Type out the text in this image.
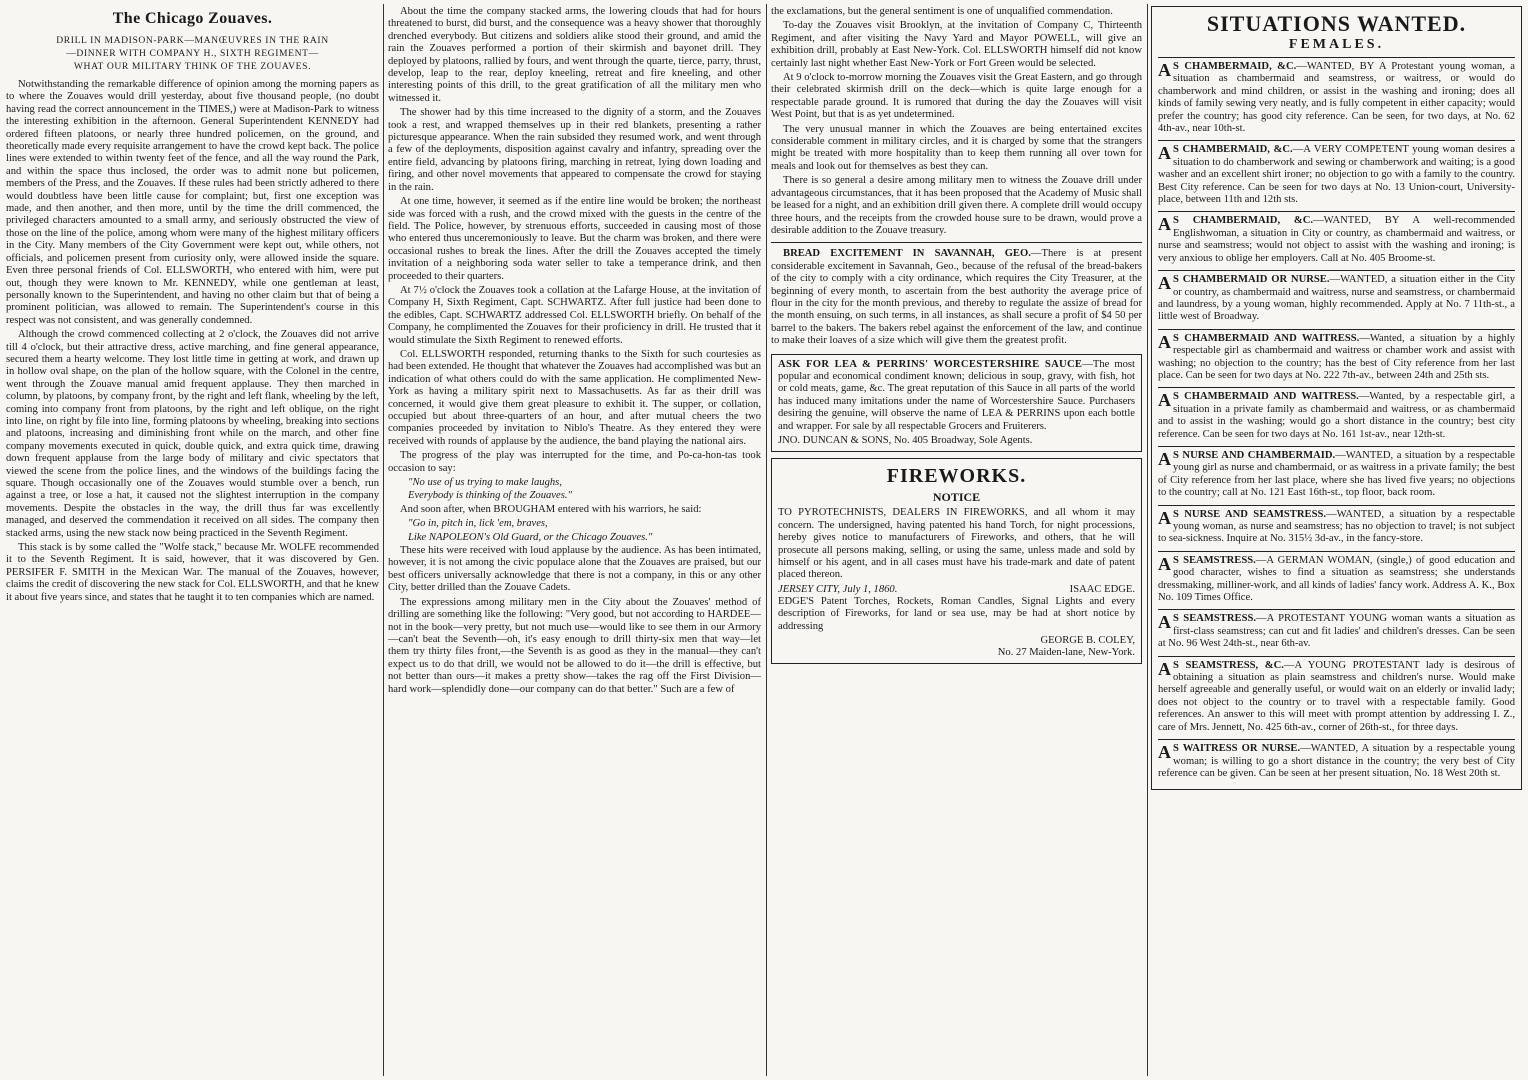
The Chicago Zouaves.
DRILL IN MADISON-PARK—MANŒUVRES IN THE RAIN
—DINNER WITH COMPANY H., SIXTH REGIMENT—
WHAT OUR MILITARY THINK OF THE ZOUAVES.

Notwithstanding the remarkable difference of opinion among the morning papers as to where the Zouaves would drill yesterday, about five thousand people, (no doubt having read the correct announcement in the TIMES,) were at Madison-Park to witness the interesting exhibition in the afternoon. General Superintendent KENNEDY had ordered fifteen platoons, or nearly three hundred policemen, on the ground, and theoretically made every requisite arrangement to have the crowd kept back. The police lines were extended to within twenty feet of the fence, and all the way round the Park, and within the space thus inclosed, the order was to admit none but policemen, members of the Press, and the Zouaves. If these rules had been strictly adhered to there would doubtless have been little cause for complaint; but, first one exception was made, and then another, and then more, until by the time the drill commenced, the privileged characters amounted to a small army, and seriously obstructed the view of those on the line of the police, among whom were many of the highest military officers in the City. Many members of the City Government were kept out, while others, not officials, and policemen present from curiosity only, were allowed inside the square. Even three personal friends of Col. ELLSWORTH, who entered with him, were put out, though they were known to Mr. KENNEDY, while one gentleman at least, personally known to the Superintendent, and having no other claim but that of being a prominent politician, was allowed to remain. The Superintendent's course in this respect was not consistent, and was generally condemned.

Although the crowd commenced collecting at 2 o'clock, the Zouaves did not arrive till 4 o'clock, but their attractive dress, active marching, and fine general appearance, secured them a hearty welcome. They lost little time in getting at work, and drawn up in hollow oval shape, on the plan of the hollow square, with the Colonel in the centre, went through the Zouave manual amid frequent applause. They then marched in column, by platoons, by company front, by the right and left flank, wheeling by the left, coming into company front from platoons, by the right and left oblique, on the right into line, on right by file into line, forming platoons by wheeling, breaking into sections and platoons, increasing and diminishing front while on the march, and other fine company movements executed in quick, double quick, and extra quick time, drawing down frequent applause from the large body of military and civic spectators that viewed the scene from the police lines, and the windows of the buildings facing the square. Though occasionally one of the Zouaves would stumble over a bench, run against a tree, or lose a hat, it caused not the slightest interruption in the company movements. Despite the obstacles in the way, the drill thus far was excellently managed, and deserved the commendation it received on all sides. The company then stacked arms, using the new stack now being practiced in the Seventh Regiment.

This stack is by some called the "Wolfe stack," because Mr. WOLFE recommended it to the Seventh Regiment. It is said, however, that it was discovered by Gen. PERSIFER F. SMITH in the Mexican War. The manual of the Zouaves, however, claims the credit of discovering the new stack for Col. ELLSWORTH, and that he knew it about five years since, and states that he taught it to ten companies which are named.

About the time the company stacked arms, the lowering clouds that had for hours threatened to burst, did burst, and the consequence was a heavy shower that thoroughly drenched everybody. But citizens and soldiers alike stood their ground, and amid the rain the Zouaves performed a portion of their skirmish and bayonet drill. They deployed by platoons, rallied by fours, and went through the quarte, tierce, parry, thrust, develop, leap to the rear, deploy kneeling, retreat and fire kneeling, and other interesting points of this drill, to the great gratification of all the military men who witnessed it.

The shower had by this time increased to the dignity of a storm, and the Zouaves took a rest, and wrapped themselves up in their red blankets, presenting a rather picturesque appearance. When the rain subsided they resumed work, and went through a few of the deployments, disposition against cavalry and infantry, spreading over the entire field, advancing by platoons firing, marching in retreat, lying down loading and firing, and other novel movements that appeared to compensate the crowd for staying in the rain.

At one time, however, it seemed as if the entire line would be broken; the northeast side was forced with a rush, and the crowd mixed with the guests in the centre of the field. The Police, however, by strenuous efforts, succeeded in causing most of those who entered thus unceremoniously to leave. But the charm was broken, and there were occasional rushes to break the lines. After the drill the Zouaves accepted the timely invitation of a neighboring soda water seller to take a temperance drink, and then proceeded to their quarters.

At 7½ o'clock the Zouaves took a collation at the Lafarge House, at the invitation of Company H, Sixth Regiment, Capt. SCHWARTZ. After full justice had been done to the edibles, Capt. SCHWARTZ addressed Col. ELLSWORTH briefly. On behalf of the Company, he complimented the Zouaves for their proficiency in drill. He trusted that it would stimulate the Sixth Regiment to renewed efforts.

Col. ELLSWORTH responded, returning thanks to the Sixth for such courtesies as had been extended. He thought that whatever the Zouaves had accomplished was but an indication of what others could do with the same application. He complimented New-York as having a military spirit next to Massachusetts. As far as their drill was concerned, it would give them great pleasure to exhibit it. The supper, or collation, occupied but about three-quarters of an hour, and after mutual cheers the two companies proceeded by invitation to Niblo's Theatre. As they entered they were received with rounds of applause by the audience, the band playing the national airs.

The progress of the play was interrupted for the time, and Po-ca-hon-tas took occasion to say:

"No use of us trying to make laughs,

Everybody is thinking of the Zouaves."

And soon after, when BROUGHAM entered with his warriors, he said:

"Go in, pitch in, lick 'em, braves,

Like NAPOLEON's Old Guard, or the Chicago Zouaves."

These hits were received with loud applause by the audience. As has been intimated, however, it is not among the civic populace alone that the Zouaves are praised, but our best officers universally acknowledge that there is not a company, in this or any other City, better drilled than the Zouave Cadets.

The expressions among military men in the City about the Zouaves' method of drilling are something like the following: "Very good, but not according to HARDEE—not in the book—very pretty, but not much use—would like to see them in our Armory—can't beat the Seventh—oh, it's easy enough to drill thirty-six men that way—let them try thirty files front,—the Seventh is as good as they in the manual—they can't expect us to do that drill, we would not be allowed to do it—the drill is effective, but not better than ours—it makes a pretty show—takes the rag off the First Division—hard work—splendidly done—our company can do that better." Such are a few of

the exclamations, but the general sentiment is one of unqualified commendation.

To-day the Zouaves visit Brooklyn, at the invitation of Company C, Thirteenth Regiment, and after visiting the Navy Yard and Mayor POWELL, will give an exhibition drill, probably at East New-York. Col. ELLSWORTH himself did not know certainly last night whether East New-York or Fort Green would be selected.

At 9 o'clock to-morrow morning the Zouaves visit the Great Eastern, and go through their celebrated skirmish drill on the deck—which is quite large enough for a respectable parade ground. It is rumored that during the day the Zouaves will visit West Point, but that is as yet undetermined.

The very unusual manner in which the Zouaves are being entertained excites considerable comment in military circles, and it is charged by some that the strangers might be treated with more hospitality than to keep them running all over town for meals and look out for themselves as best they can.

There is so general a desire among military men to witness the Zouave drill under advantageous circumstances, that it has been proposed that the Academy of Music shall be leased for a night, and an exhibition drill given there. A complete drill would occupy three hours, and the receipts from the crowded house sure to be drawn, would prove a desirable addition to the Zouave treasury.

BREAD EXCITEMENT IN SAVANNAH, GEO.—There is at present considerable excitement in Savannah, Geo., because of the refusal of the bread-bakers of the city to comply with a city ordinance, which requires the City Treasurer, at the beginning of every month, to ascertain from the best authority the average price of flour in the city for the month previous, and thereby to regulate the assize of bread for the month ensuing, on such terms, in all instances, as shall secure a profit of $4 50 per barrel to the bakers. The bakers rebel against the enforcement of the law, and continue to make their loaves of a size which will give them the greatest profit.

ASK FOR LEA & PERRINS' WORCESTERSHIRE SAUCE—The most popular and economical condiment known; delicious in soup, gravy, with fish, hot or cold meats, game, &c. The great reputation of this Sauce in all parts of the world has induced many imitations under the name of Worcestershire Sauce. Purchasers desiring the genuine, will observe the name of LEA & PERRINS upon each bottle and wrapper. For sale by all respectable Grocers and Fruiterers.

JNO. DUNCAN & SONS, No. 405 Broadway, Sole Agents.

FIREWORKS.
NOTICE

TO PYROTECHNISTS, DEALERS IN FIREWORKS, and all whom it may concern. The undersigned, having patented his hand Torch, for night processions, hereby gives notice to manufacturers of Fireworks, and others, that he will prosecute all persons making, selling, or using the same, unless made and sold by himself or his agent, and in all cases must have his trade-mark and date of patent placed thereon.

JERSEY CITY, July 1, 1860.	ISAAC EDGE.

EDGE'S Patent Torches, Rockets, Roman Candles, Signal Lights and every description of Fireworks, for land or sea use, may be had at short notice by addressing

GEORGE B. COLEY,
No. 27 Maiden-lane, New-York.
SITUATIONS WANTED.
FEMALES.

A S CHAMBERMAID, &C.—WANTED, BY A Protestant young woman, a situation as chambermaid and seamstress, or waitress, or would do chamberwork and mind children, or assist in the washing and ironing; does all kinds of family sewing very neatly, and is fully competent in either capacity; would prefer the country; has good city reference. Can be seen, for two days, at No. 62 4th-av., near 10th-st.

A S CHAMBERMAID, &C.—A VERY COMPETENT young woman desires a situation to do chamberwork and sewing or chamberwork and waiting; is a good washer and an excellent shirt ironer; no objection to go with a family to the country. Best City reference. Can be seen for two days at No. 13 Union-court, University-place, between 11th and 12th sts.

A S CHAMBERMAID, &C.—WANTED, BY A well-recommended Englishwoman, a situation in City or country, as chambermaid and waitress, or nurse and seamstress; would not object to assist with the washing and ironing; is very anxious to oblige her employers. Call at No. 405 Broome-st.

A S CHAMBERMAID OR NURSE.—WANTED, a situation either in the City or country, as chambermaid and waitress, nurse and seamstress, or chambermaid and laundress, by a young woman, highly recommended. Apply at No. 7 11th-st., a little west of Broadway.

A S CHAMBERMAID AND WAITRESS.—Wanted, a situation by a highly respectable girl as chambermaid and waitress or chamber work and assist with washing; no objection to the country; has the best of City reference from her last place. Can be seen for two days at No. 222 7th-av., between 24th and 25th sts.

A S CHAMBERMAID AND WAITRESS.—Wanted, by a respectable girl, a situation in a private family as chambermaid and waitress, or as chambermaid and to assist in the washing; would go a short distance in the country; best city reference. Can be seen for two days at No. 161 1st-av., near 12th-st.

A S NURSE AND CHAMBERMAID.—WANTED, a situation by a respectable young girl as nurse and chambermaid, or as waitress in a private family; the best of City reference from her last place, where she has lived five years; no objections to the country; call at No. 121 East 16th-st., top floor, back room.

A S NURSE AND SEAMSTRESS.—WANTED, a situation by a respectable young woman, as nurse and seamstress; has no objection to travel; is not subject to sea-sickness. Inquire at No. 315½ 3d-av., in the fancy-store.

A S SEAMSTRESS.—A GERMAN WOMAN, (single,) of good education and good character, wishes to find a situation as seamstress; she understands dressmaking, milliner-work, and all kinds of ladies' fancy work. Address A. K., Box No. 109 Times Office.

A S SEAMSTRESS.—A PROTESTANT YOUNG woman wants a situation as first-class seamstress; can cut and fit ladies' and children's dresses. Can be seen at No. 96 West 24th-st., near 6th-av.

A S SEAMSTRESS, &C.—A YOUNG PROTESTANT lady is desirous of obtaining a situation as plain seamstress and children's nurse. Would make herself agreeable and generally useful, or would wait on an elderly or invalid lady; does not object to the country or to travel with a respectable family. Good references. An answer to this will meet with prompt attention by addressing I. Z., care of Mrs. Jennett, No. 425 6th-av., corner of 26th-st., for three days.

A S WAITRESS OR NURSE.—WANTED, A situation by a respectable young woman; is willing to go a short distance in the country; the very best of City reference can be given. Can be seen at her present situation, No. 18 West 20th st.
